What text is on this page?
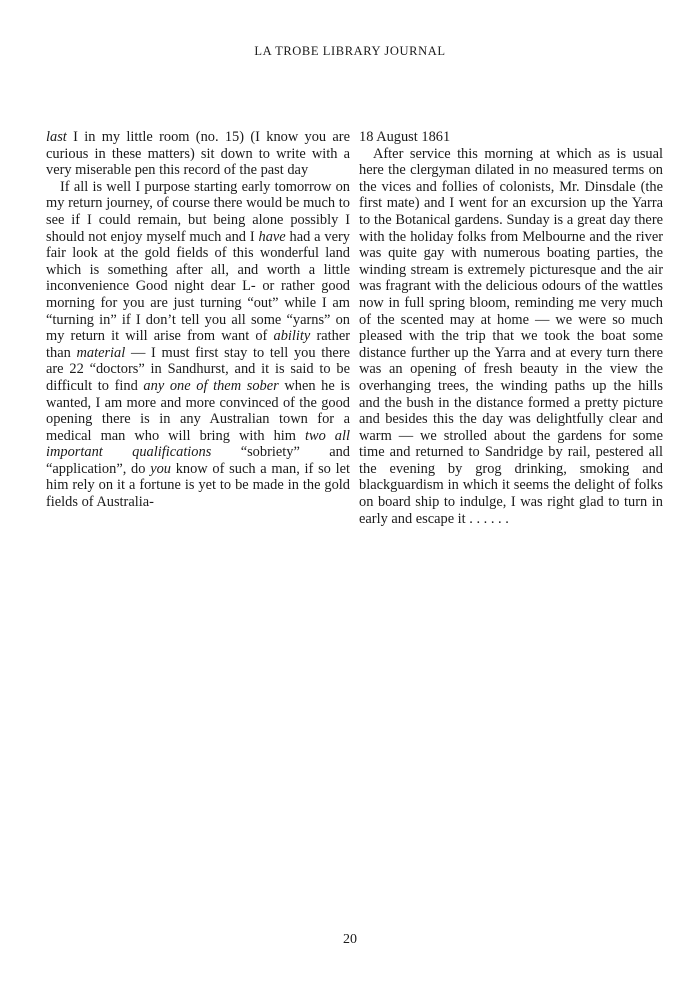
LA TROBE LIBRARY JOURNAL

last I in my little room (no. 15) (I know you are curious in these matters) sit down to write with a very miserable pen this record of the past day

If all is well I purpose starting early tomorrow on my return journey, of course there would be much to see if I could remain, but being alone possibly I should not enjoy myself much and I have had a very fair look at the gold fields of this wonderful land which is something after all, and worth a little inconvenience Good night dear L- or rather good morning for you are just turning “out” while I am “turning in” if I don’t tell you all some “yarns” on my return it will arise from want of ability rather than material — I must first stay to tell you there are 22 “doctors” in Sandhurst, and it is said to be difficult to find any one of them sober when he is wanted, I am more and more convinced of the good opening there is in any Australian town for a medical man who will bring with him two all important qualifications “sobriety” and “application”, do you know of such a man, if so let him rely on it a fortune is yet to be made in the gold fields of Australia-

18 August 1861

After service this morning at which as is usual here the clergyman dilated in no measured terms on the vices and follies of colonists, Mr. Dinsdale (the first mate) and I went for an excursion up the Yarra to the Botanical gardens. Sunday is a great day there with the holiday folks from Melbourne and the river was quite gay with numerous boating parties, the winding stream is extremely picturesque and the air was fragrant with the delicious odours of the wattles now in full spring bloom, reminding me very much of the scented may at home — we were so much pleased with the trip that we took the boat some distance further up the Yarra and at every turn there was an opening of fresh beauty in the view the overhanging trees, the winding paths up the hills and the bush in the distance formed a pretty picture and besides this the day was delightfully clear and warm — we strolled about the gardens for some time and returned to Sandridge by rail, pestered all the evening by grog drinking, smoking and blackguardism in which it seems the delight of folks on board ship to indulge, I was right glad to turn in early and escape it . . . . . .

20
